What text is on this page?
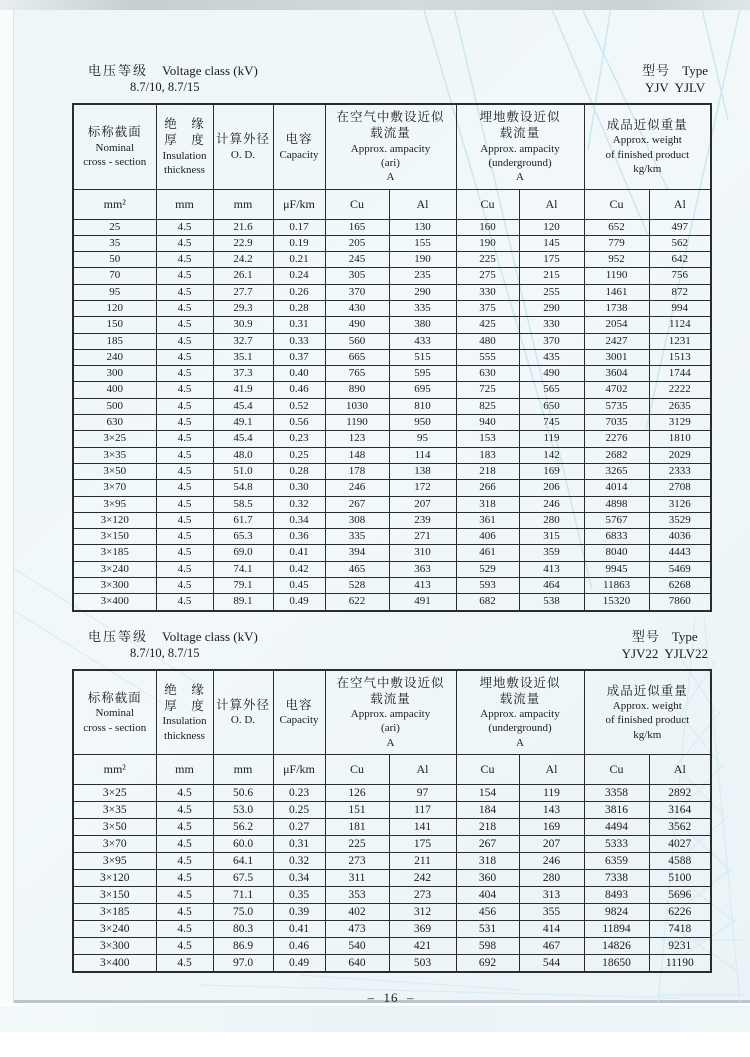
电压等级 Voltage class (kV)
8.7/10, 8.7/15
型号 Type
YJV  YJLV
标称截面
Nominal
cross - section	绝　缘
厚　度
Insulation
thickness	计算外径
O. D.	电容
Capacity	在空气中敷设近似
载流量
Approx. ampacity
(ari)
A		埋地敷设近似
载流量
Approx. ampacity
(underground)
A		成品近似重量
Approx. weight
of finished product
kg/km	

mm²	mm	mm	μF/km	Cu	Al	Cu	Al	Cu	Al
25	4.5	21.6	0.17	165	130	160	120	652	497
35	4.5	22.9	0.19	205	155	190	145	779	562
50	4.5	24.2	0.21	245	190	225	175	952	642
70	4.5	26.1	0.24	305	235	275	215	1190	756
95	4.5	27.7	0.26	370	290	330	255	1461	872
120	4.5	29.3	0.28	430	335	375	290	1738	994
150	4.5	30.9	0.31	490	380	425	330	2054	1124
185	4.5	32.7	0.33	560	433	480	370	2427	1231
240	4.5	35.1	0.37	665	515	555	435	3001	1513
300	4.5	37.3	0.40	765	595	630	490	3604	1744
400	4.5	41.9	0.46	890	695	725	565	4702	2222
500	4.5	45.4	0.52	1030	810	825	650	5735	2635
630	4.5	49.1	0.56	1190	950	940	745	7035	3129
3×25	4.5	45.4	0.23	123	95	153	119	2276	1810
3×35	4.5	48.0	0.25	148	114	183	142	2682	2029
3×50	4.5	51.0	0.28	178	138	218	169	3265	2333
3×70	4.5	54.8	0.30	246	172	266	206	4014	2708
3×95	4.5	58.5	0.32	267	207	318	246	4898	3126
3×120	4.5	61.7	0.34	308	239	361	280	5767	3529
3×150	4.5	65.3	0.36	335	271	406	315	6833	4036
3×185	4.5	69.0	0.41	394	310	461	359	8040	4443
3×240	4.5	74.1	0.42	465	363	529	413	9945	5469
3×300	4.5	79.1	0.45	528	413	593	464	11863	6268
3×400	4.5	89.1	0.49	622	491	682	538	15320	7860
电压等级 Voltage class (kV)
8.7/10, 8.7/15
型号 Type
YJV22  YJLV22
标称截面
Nominal
cross - section	绝　缘
厚　度
Insulation
thickness	计算外径
O. D.	电容
Capacity	在空气中敷设近似
载流量
Approx. ampacity
(ari)
A		埋地敷设近似
载流量
Approx. ampacity
(underground)
A		成品近似重量
Approx. weight
of finished product
kg/km	

mm²	mm	mm	μF/km	Cu	Al	Cu	Al	Cu	Al
3×25	4.5	50.6	0.23	126	97	154	119	3358	2892
3×35	4.5	53.0	0.25	151	117	184	143	3816	3164
3×50	4.5	56.2	0.27	181	141	218	169	4494	3562
3×70	4.5	60.0	0.31	225	175	267	207	5333	4027
3×95	4.5	64.1	0.32	273	211	318	246	6359	4588
3×120	4.5	67.5	0.34	311	242	360	280	7338	5100
3×150	4.5	71.1	0.35	353	273	404	313	8493	5696
3×185	4.5	75.0	0.39	402	312	456	355	9824	6226
3×240	4.5	80.3	0.41	473	369	531	414	11894	7418
3×300	4.5	86.9	0.46	540	421	598	467	14826	9231
3×400	4.5	97.0	0.49	640	503	692	544	18650	11190
–  16  –
